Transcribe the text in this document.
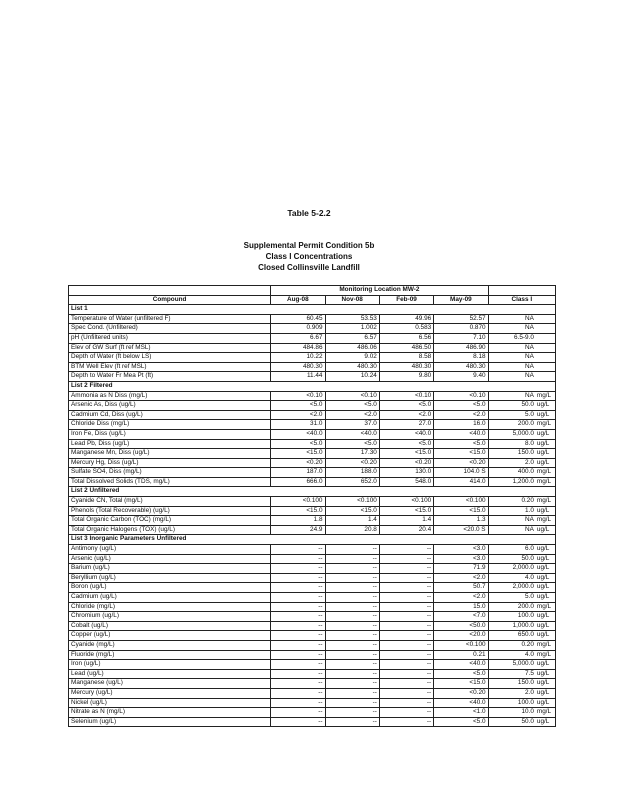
Table 5-2.2
Supplemental Permit Condition 5b
Class I Concentrations
Closed Collinsville Landfill
	Monitoring Location MW-2					
Compound	Aug-08	Nov-08	Feb-09	May-09	Class I	
List 1						
Temperature of Water (unfiltered F)	60.45	53.53	49.96	52.57	NA	
Spec Cond. (Unfiltered)	0.909	1.002	0.583	0.870	NA	
pH (Unfiltered units)	6.67	6.57	6.56	7.10	6.5-9.0	
Elev of GW Surf (ft ref MSL)	484.86	486.06	486.50	486.90	NA	
Depth of Water (ft below LS)	10.22	9.02	8.58	8.18	NA	
BTM Well Elev (ft ref MSL)	480.30	480.30	480.30	480.30	NA	
Depth to Water Fr Mea Pt (ft)	11.44	10.24	9.80	9.40	NA	
List 2 Filtered						
Ammonia as N Diss (mg/L)	<0.10	<0.10	<0.10	<0.10	NA	mg/L
Arsenic As, Diss (ug/L)	<5.0	<5.0	<5.0	<5.0	50.0	ug/L
Cadmium Cd, Diss (ug/L)	<2.0	<2.0	<2.0	<2.0	5.0	ug/L
Chloride Diss (mg/L)	31.0	37.0	27.0	16.0	200.0	mg/L
Iron Fe, Diss (ug/L)	<40.0	<40.0	<40.0	<40.0	5,000.0	ug/L
Lead Pb, Diss (ug/L)	<5.0	<5.0	<5.0	<5.0	8.0	ug/L
Manganese Mn, Diss (ug/L)	<15.0	17.30	<15.0	<15.0	150.0	ug/L
Mercury Hg, Diss (ug/L)	<0.20	<0.20	<0.20	<0.20	2.0	ug/L
Sulfate SO4, Diss (mg/L)	187.0	188.0	130.0	104.0 S	400.0	mg/L
Total Dissolved Solids (TDS, mg/L)	666.0	652.0	548.0	414.0	1,200.0	mg/L
List 2 Unfiltered						
Cyanide CN, Total (mg/L)	<0.100	<0.100	<0.100	<0.100	0.20	mg/L
Phenols (Total Recoverable) (ug/L)	<15.0	<15.0	<15.0	<15.0	1.0	ug/L
Total Organic Carbon (TOC) (mg/L)	1.8	1.4	1.4	1.3	NA	mg/L
Total Organic Halogens (TOX) (ug/L)	24.9	20.8	20.4	<20.0 S	NA	ug/L
List 3 Inorganic Parameters Unfiltered						
Antimony (ug/L)	--	--	--	<3.0	6.0	ug/L
Arsenic (ug/L)	--	--	--	<3.0	50.0	ug/L
Barium (ug/L)	--	--	--	71.9	2,000.0	ug/L
Beryllium (ug/L)	--	--	--	<2.0	4.0	ug/L
Boron (ug/L)	--	--	--	50.7	2,000.0	ug/L
Cadmium (ug/L)	--	--	--	<2.0	5.0	ug/L
Chloride (mg/L)	--	--	--	15.0	200.0	mg/L
Chromium (ug/L)	--	--	--	<7.0	100.0	ug/L
Cobalt (ug/L)	--	--	--	<50.0	1,000.0	ug/L
Copper (ug/L)	--	--	--	<20.0	650.0	ug/L
Cyanide (mg/L)	--	--	--	<0.100	0.20	mg/L
Fluoride (mg/L)	--	--	--	0.21	4.0	mg/L
Iron (ug/L)	--	--	--	<40.0	5,000.0	ug/L
Lead (ug/L)	--	--	--	<5.0	7.5	ug/L
Manganese (ug/L)	--	--	--	<15.0	150.0	ug/L
Mercury (ug/L)	--	--	--	<0.20	2.0	ug/L
Nickel (ug/L)	--	--	--	<40.0	100.0	ug/L
Nitrate as N (mg/L)	--	--	--	<1.0	10.0	mg/L
Selenium (ug/L)	--	--	--	<5.0	50.0	ug/L
